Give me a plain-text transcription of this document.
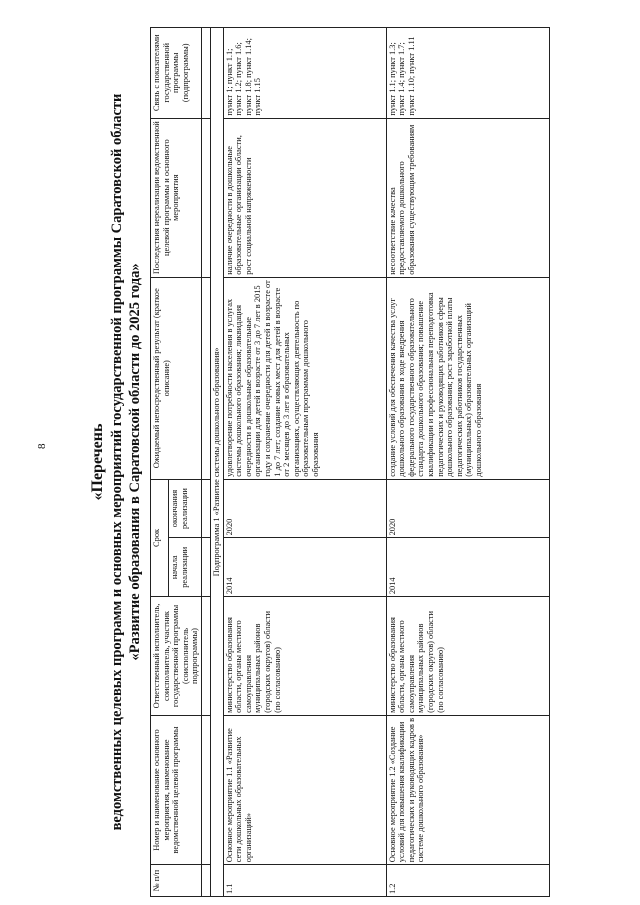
8	«Перечень ведомственных целевых программ и основных мероприятий государственной программы Саратовской области «Развитие образования в Саратовской области до 2025 года»
№ п/п	Номер и наименование основного мероприятия, наименование ведомственной целевой программы	Ответственный исполнитель, соисполнитель, участник государственной программы (соисполнитель подпрограммы)	Срок		Ожидаемый непосредственный результат (краткое описание)	Последствия нереализации ведомственной целевой программы и основного мероприятия	Связь с показателями государственной программы (подпрограммы)
			начала реализации	окончания реализации			

Подпрограмма 1 «Развитие системы дошкольного образования»							
1.1	Основное мероприятие 1.1 «Развитие сети дошкольных образовательных организаций»	министерство образования области, органы местного самоуправления муниципальных районов (городских округов) области (по согласованию)	2014	2020	удовлетворение потребности населения в услугах системы дошкольного образования; ликвидация очередности в дошкольные образовательные организации для детей в возрасте от 3 до 7 лет в 2015 году и сохранение очередности для детей в возрасте от 1 до 7 лет; создание новых мест для детей в возрасте от 2 месяцев до 3 лет в образовательных организациях, осуществляющих деятельность по образовательным программам дошкольного образования	наличие очередности в дошкольные образовательные организации области, рост социальной напряженности	пункт 1; пункт 1.1; пункт 1.2; пункт 1.6; пункт 1.8; пункт 1.14; пункт 1.15
1.2	Основное мероприятие 1.2 «Создание условий для повышения квалификации педагогических и руководящих кадров в системе дошкольного образования»	министерство образования области, органы местного самоуправления муниципальных районов (городских округов) области (по согласованию)	2014	2020	создание условий для обеспечения качества услуг дошкольного образования в ходе внедрения федерального государственного образовательного стандарта дошкольного образования; повышение квалификации и профессиональная переподготовка педагогических и руководящих работников сферы дошкольного образования; рост заработной платы педагогических работников государственных (муниципальных) образовательных организаций дошкольного образования	несоответствие качества предоставляемого дошкольного образования существующим требованиям	пункт 1.1; пункт 1.3; пункт 1.4; пункт 1.7; пункт 1.10; пункт 1.11
